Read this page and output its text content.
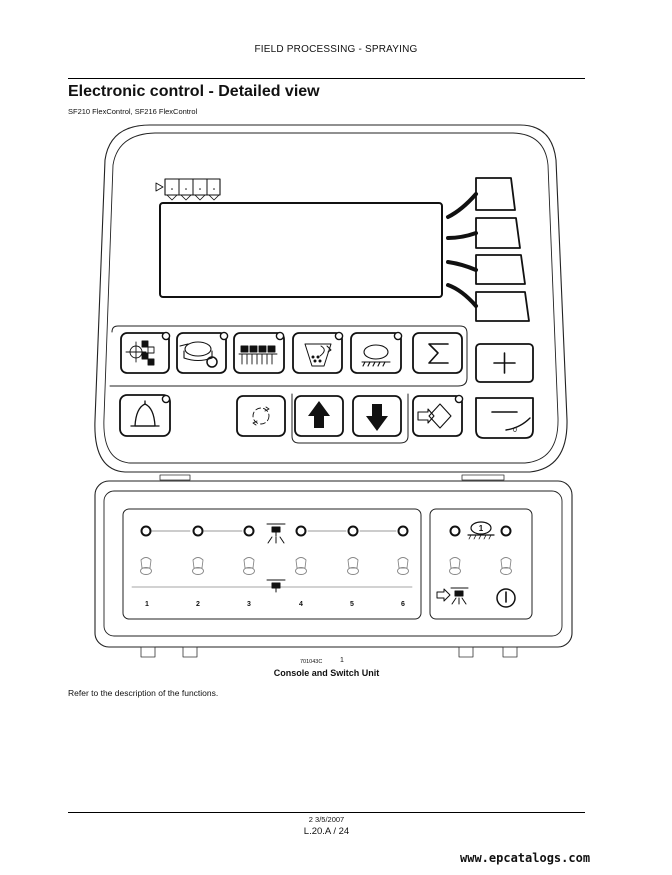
FIELD PROCESSING - SPRAYING
Electronic control - Detailed view
SF210 FlexControl, SF216 FlexControl
0
1	2	3	4	5	6
1
701043C	1
Console and Switch Unit
Refer to the description of the functions.
2 3/5/2007
L.20.A / 24
www.epcatalogs.com
